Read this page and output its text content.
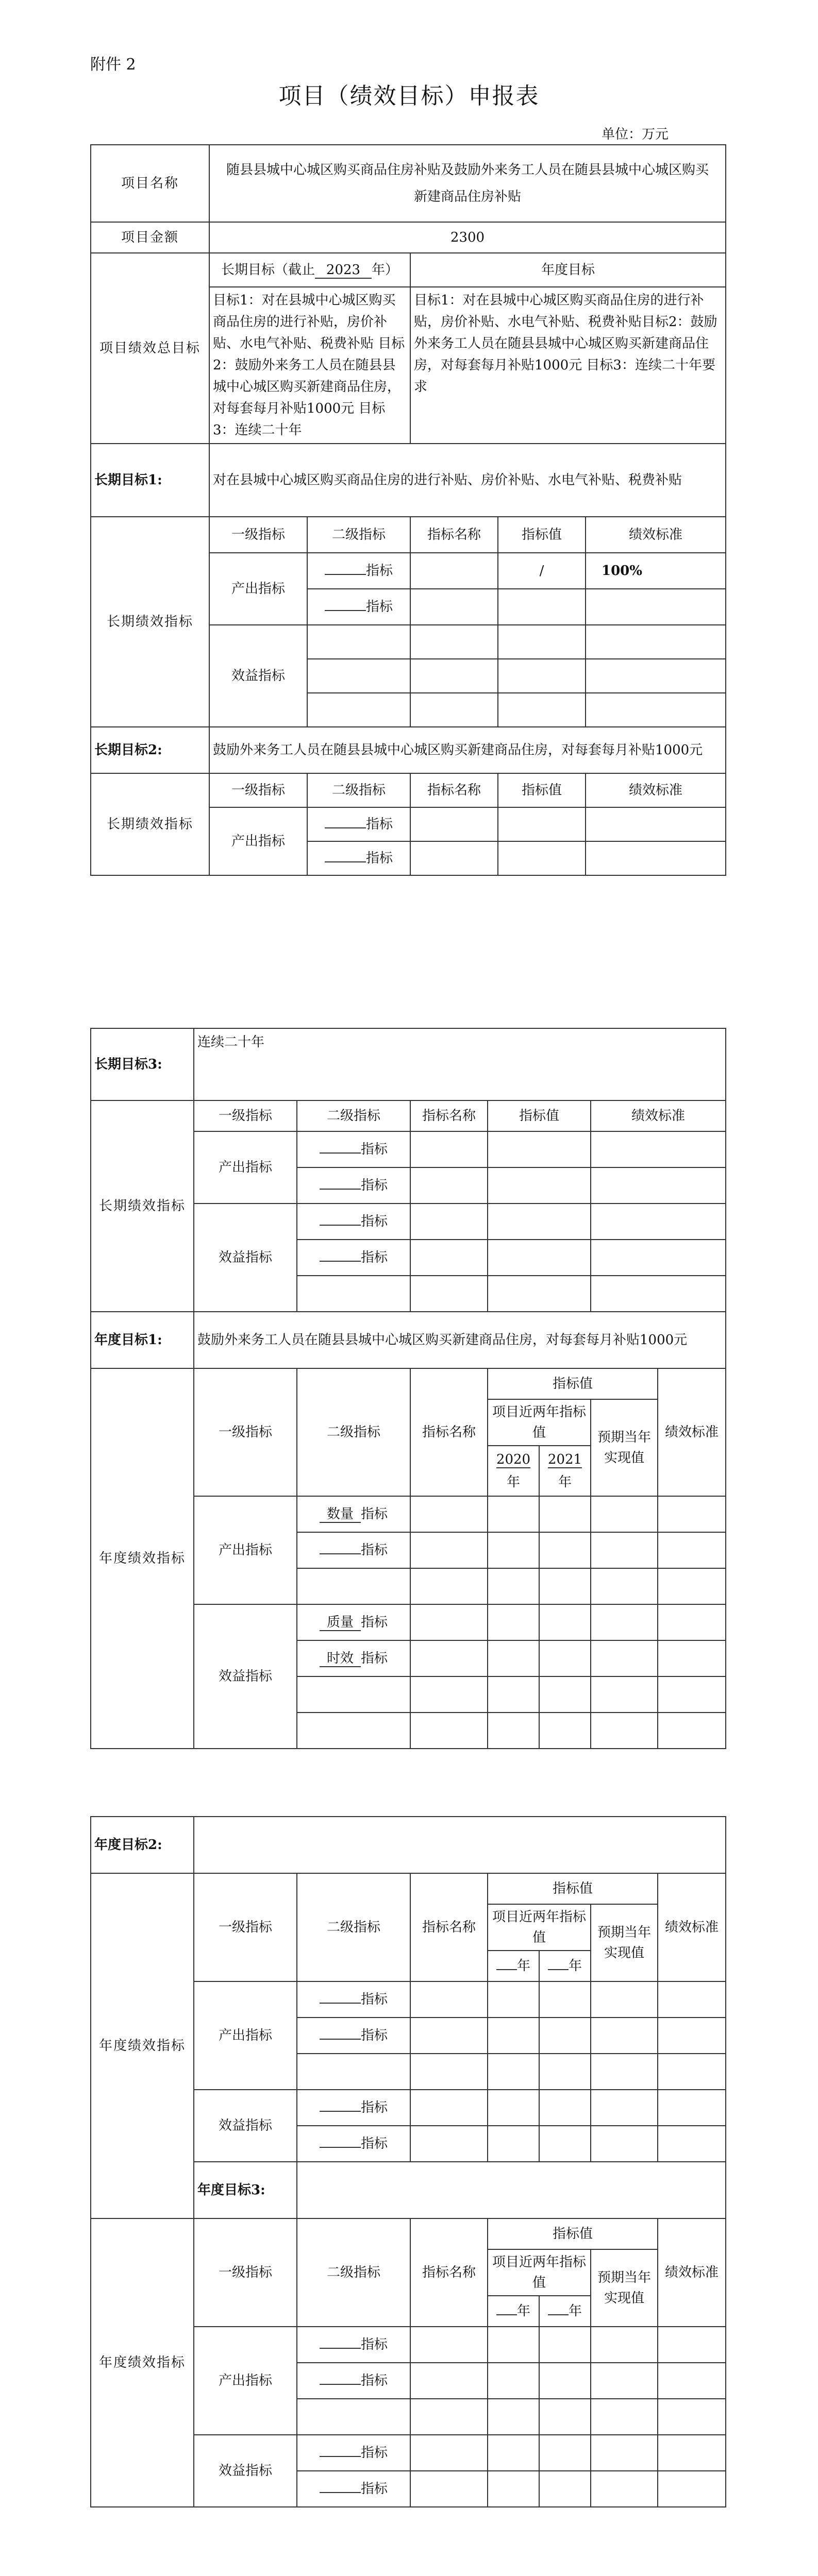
附件 2
项目（绩效目标）申报表
单位：万元
项目名称	随县县城中心城区购买商品住房补贴及鼓励外来务工人员在随县县城中心城区购买新建商品住房补贴				
项目金额	2300				
项目绩效总目标	长期目标（截止 2023 年）		年度目标		
	目标1：对在县城中心城区购买商品住房的进行补贴，房价补贴、水电气补贴、税费补贴 目标2：鼓励外来务工人员在随县县城中心城区购买新建商品住房，对每套每月补贴1000元 目标3：连续二十年		目标1：对在县城中心城区购买商品住房的进行补贴，房价补贴、水电气补贴、税费补贴目标2：鼓励外来务工人员在随县县城中心城区购买新建商品住房，对每套每月补贴1000元 目标3：连续二十年要求		
长期目标1:	对在县城中心城区购买商品住房的进行补贴、房价补贴、水电气补贴、税费补贴				
长期绩效指标	一级指标	二级指标	指标名称	指标值	绩效标准
	产出指标	指标		/	100%
		指标			
	效益指标				

长期目标2:	鼓励外来务工人员在随县县城中心城区购买新建商品住房，对每套每月补贴1000元				
长期绩效指标	一级指标	二级指标	指标名称	指标值	绩效标准
	产出指标	指标			
		指标			
长期目标3:	连续二十年						
长期绩效指标	一级指标	二级指标	指标名称	指标值		绩效标准	
	产出指标	指标					
		指标					
	效益指标	指标					
		指标					

年度目标1:	鼓励外来务工人员在随县县城中心城区购买新建商品住房，对每套每月补贴1000元						
年度绩效指标	一级指标	二级指标	指标名称	指标值			绩效标准
				项目近两年指标值		预期当年实现值	
				2020年	2021年		
	产出指标	数量 指标					
		指标					

	效益指标	质量 指标					
		时效 指标					

年度目标2:							
年度绩效指标	一级指标	二级指标	指标名称	指标值			绩效标准
				项目近两年指标值		预期当年实现值	
				年	年		
	产出指标	指标					
		指标					

	效益指标	指标					
		指标					
	年度目标3:						
年度绩效指标	一级指标	二级指标	指标名称	指标值			绩效标准
				项目近两年指标值		预期当年实现值	
				年	年		
	产出指标	指标					
		指标					

	效益指标	指标					
		指标					
